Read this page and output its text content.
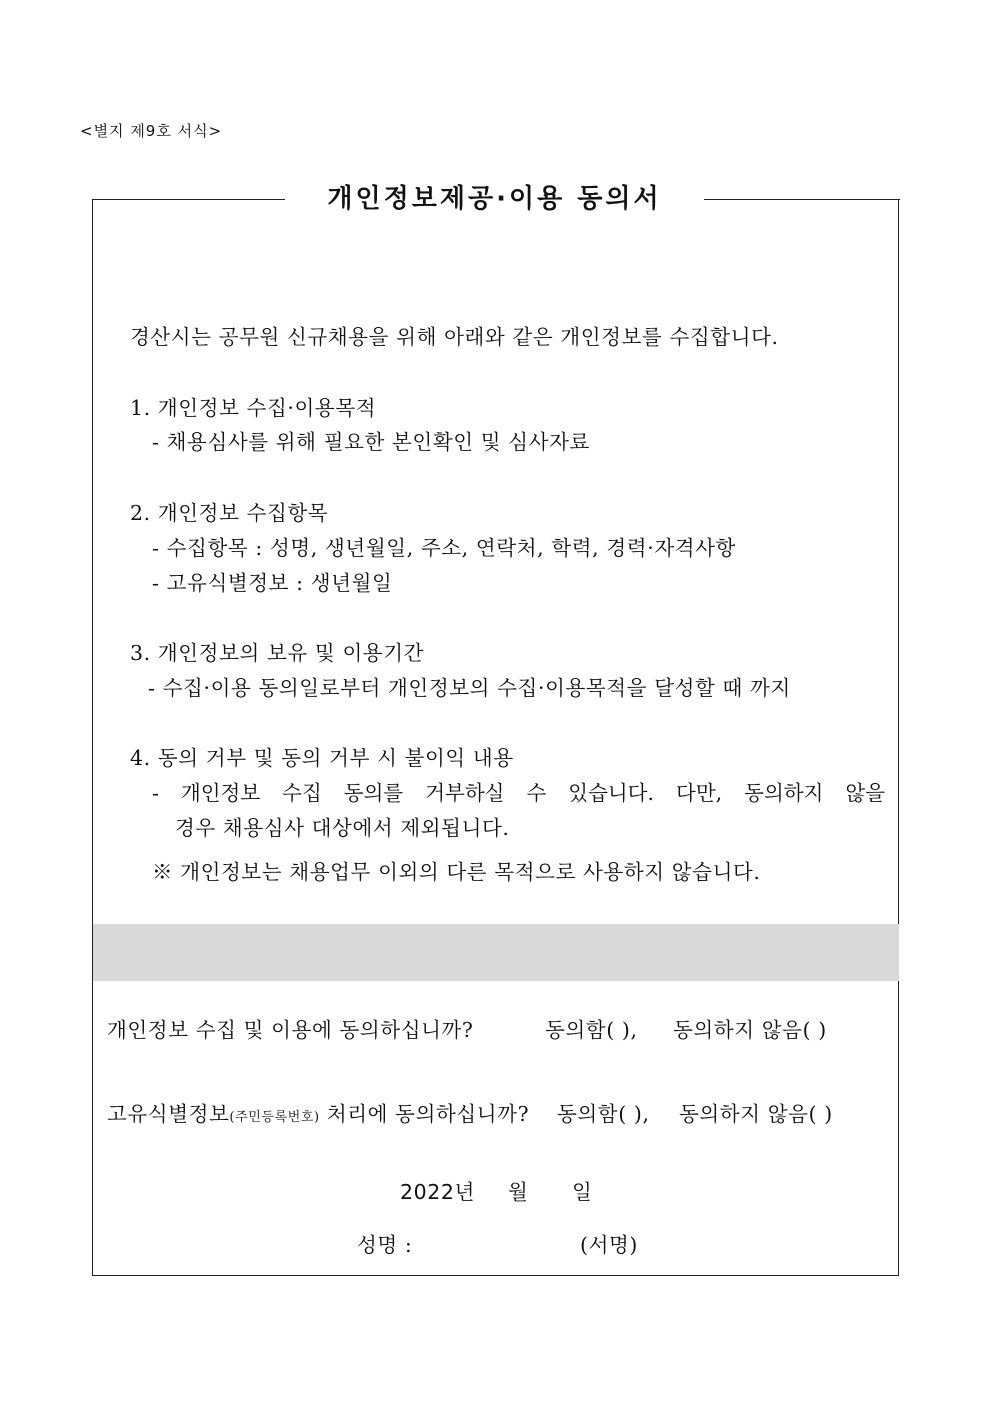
<별지 제9호 서식>
개인정보제공·이용 동의서
경산시는 공무원 신규채용을 위해 아래와 같은 개인정보를 수집합니다.
1. 개인정보 수집·이용목적
- 채용심사를 위해 필요한 본인확인 및 심사자료
2. 개인정보 수집항목
- 수집항목 : 성명, 생년월일, 주소, 연락처, 학력, 경력·자격사항
- 고유식별정보 : 생년월일
3. 개인정보의 보유 및 이용기간
- 수집·이용 동의일로부터 개인정보의 수집·이용목적을 달성할 때 까지
4. 동의 거부 및 동의 거부 시 불이익 내용
- 개인정보 수집 동의를 거부하실 수 있습니다. 다만, 동의하지 않을
경우 채용심사 대상에서 제외됩니다.
※ 개인정보는 채용업무 이외의 다른 목적으로 사용하지 않습니다.
개인정보 수집 및 이용에 동의하십니까?	동의함( ), 동의하지 않음( )
고유식별정보(주민등록번호) 처리에 동의하십니까? 동의함( ), 동의하지 않음( )
2022년 월 일
성명 :	(서명)
